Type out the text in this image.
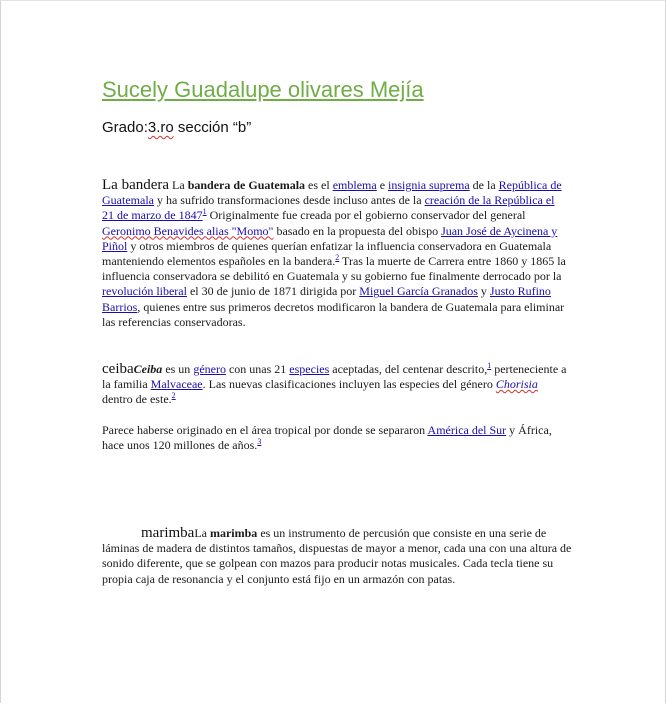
Sucely Guadalupe olivares Mejía
Grado:3.ro sección “b”
La bandera La bandera de Guatemala es el emblema e insignia suprema de la República de Guatemala y ha sufrido transformaciones desde incluso antes de la creación de la República el 21 de marzo de 1847$^1$ Originalmente fue creada por el gobierno conservador del general Geronimo Benavides alias "Momo" basado en la propuesta del obispo Juan José de Aycinena y Piñol y otros miembros de quienes querían enfatizar la influencia conservadora en Guatemala manteniendo elementos españoles en la bandera.$^2$ Tras la muerte de Carrera entre 1860 y 1865 la influencia conservadora se debilitó en Guatemala y su gobierno fue finalmente derrocado por la revolución liberal el 30 de junio de 1871 dirigida por Miguel García Granados y Justo Rufino Barrios, quienes entre sus primeros decretos modificaron la bandera de Guatemala para eliminar las referencias conservadoras.
ceibaCeiba es un género con unas 21 especies aceptadas, del centenar descrito,$^1$ perteneciente a la familia Malvaceae. Las nuevas clasificaciones incluyen las especies del género Chorisia dentro de este.$^2$
Parece haberse originado en el área tropical por donde se separaron América del Sur y África, hace unos 120 millones de años.$^3$
marimbaLa marimba es un instrumento de percusión que consiste en una serie de láminas de madera de distintos tamaños, dispuestas de mayor a menor, cada una con una altura de sonido diferente, que se golpean con mazos para producir notas musicales. Cada tecla tiene su propia caja de resonancia y el conjunto está fijo en un armazón con patas.
